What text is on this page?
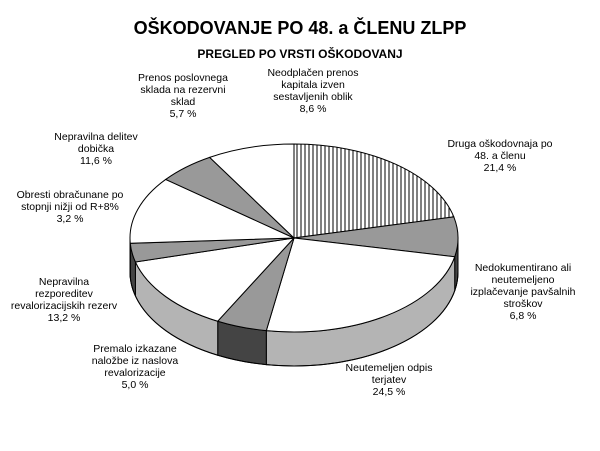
OŠKODOVANJE PO 48. a ČLENU ZLPP
PREGLED PO VRSTI OŠKODOVANJ
Druga oškodovnaja po 48. a členu 21,4 %
Nedokumentirano ali neutemeljeno izplačevanje pavšalnih stroškov 6,8 %
Neutemeljen odpis terjatev 24,5 %
Premalo izkazane naložbe iz naslova revalorizacije 5,0 %
Nepravilna rezporeditev revalorizacijskih rezerv 13,2 %
Obresti obračunane po stopnji nižji od R+8% 3,2 %
Nepravilna delitev dobička 11,6 %
Prenos poslovnega sklada na rezervni sklad 5,7 %
Neodplačen prenos kapitala izven sestavljenih oblik 8,6 %
